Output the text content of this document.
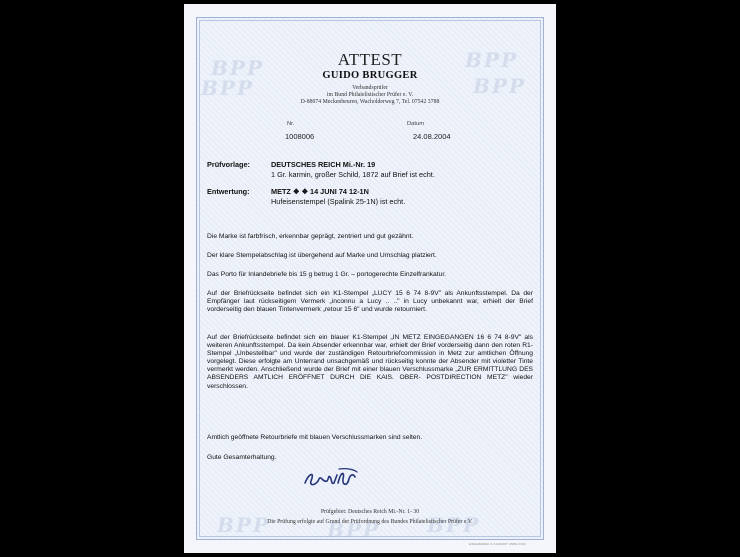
BPP	BPP
BPP	BPP
BPP
BPP	BPP
ATTEST
GUIDO BRUGGER
Verbandsprüfer
im Bund Philatelistischer Prüfer e. V.
D-88074 Meckenbeuren, Wacholderweg 7, Tel. 07542 3788
Nr.
1008006
Datum
24.08.2004
Prüfvorlage:	DEUTSCHES REICH Mi.-Nr. 19
1 Gr. karmin, großer Schild, 1872 auf Brief ist echt.
Entwertung:	METZ ❖ ❖ 14 JUNI 74 12-1N
Hufeisenstempel (Spalink 25-1N) ist echt.
Die Marke ist farbfrisch, erkennbar geprägt, zentriert und gut gezähnt.
Der klare Stempelabschlag ist übergehend auf Marke und Umschlag platziert.
Das Porto für Inlandebriefe bis 15 g betrug 1 Gr. – portogerechte Einzelfrankatur.
Auf der Briefrückseite befindet sich ein K1-Stempel „LUCY 15 6 74 8-9V" als Ankunftsstempel. Da der Empfänger laut rückseitigem Vermerk „inconnu a Lucy .. .." in Lucy unbekannt war, erhielt der Brief vorderseitig den blauen Tintenvermerk „retour 15 6" und wurde retourniert.
Auf der Briefrückseite befindet sich ein blauer K1-Stempel „IN METZ EINGEGANGEN 16 6 74 8-9V" als weiteren Ankunftsstempel. Da kein Absender erkennbar war, erhielt der Brief vorderseitig dann den roten R1-Stempel „Unbestellbar" und wurde der zuständigen Retourbriefcommission in Metz zur amtlichen Öffnung vorgelegt. Diese erfolgte am Unterrand unsachgemäß und rückseitig konnte der Absender mit violetter Tinte vermerkt werden. Anschließend wurde der Brief mit einer blauen Verschlussmarke „ZUR ERMITTLUNG DES ABSENDERS AMTLICH ERÖFFNET DURCH DIE KAIS. OBER- POSTDIRECTION METZ" wieder verschlossen.
Amtlich geöffnete Retourbriefe mit blauen Verschlussmarken sind selten.
Gute Gesamterhaltung.
Prüfgebiet: Deutsches Reich Mi.-Nr. 1- 30
Die Prüfung erfolgte auf Grund der Prüfordnung des Bundes Philatelistischer Prüfer e.V.
EINGEBOREN & SCHMIDT GMBH 1994
